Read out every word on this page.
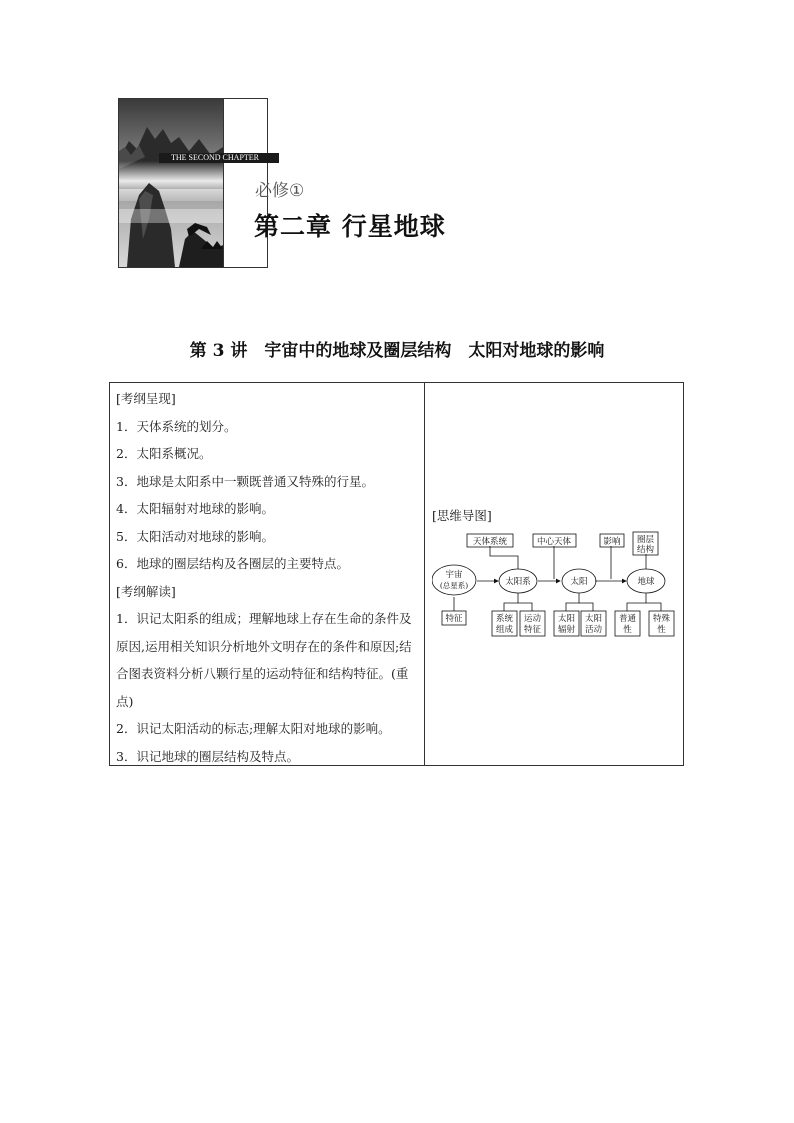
THE SECOND CHAPTER
必修①
第二章 行星地球
第 3 讲　宇宙中的地球及圈层结构　太阳对地球的影响

[考纲呈现]

1．天体系统的划分。

2．太阳系概况。

3．地球是太阳系中一颗既普通又特殊的行星。

4．太阳辐射对地球的影响。

5．太阳活动对地球的影响。

6．地球的圈层结构及各圈层的主要特点。

[考纲解读]

1．识记太阳系的组成；理解地球上存在生命的条件及原因,运用相关知识分析地外文明存在的条件和原因;结合图表资料分析八颗行星的运动特征和结构特征。(重点)

2．识记太阳活动的标志;理解太阳对地球的影响。

3．识记地球的圈层结构及特点。

[思维导图]
天体系统	中心天体	影响 圈层
结构
宇宙
(总星系)	太阳系	太阳	地球
特征	系统
组成
运动
特征
太阳
辐射
太阳
活动
普通
性
特殊
性
